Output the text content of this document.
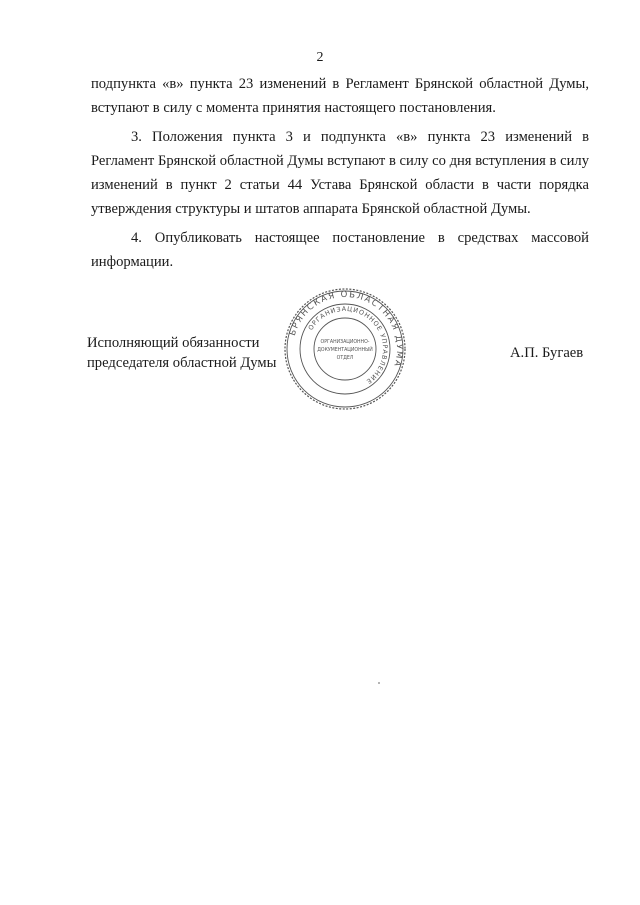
2

подпункта «в» пункта 23 изменений в Регламент Брянской областной Думы, вступают в силу с момента принятия настоящего постановления.

3. Положения пункта 3 и подпункта «в» пункта 23 изменений в Регламент Брянской областной Думы вступают в силу со дня вступления в силу изменений в пункт 2 статьи 44 Устава Брянской области в части порядка утверждения структуры и штатов аппарата Брянской областной Думы.

4. Опубликовать настоящее постановление в средствах массовой информации.

Исполняющий обязанности
председателя областной Думы
БРЯНСКАЯ ОБЛАСТНАЯ ДУМА
ОРГАНИЗАЦИОННОЕ УПРАВЛЕНИЕ
ОРГАНИЗАЦИОННО-
ДОКУМЕНТАЦИОННЫЙ
ОТДЕЛ	А.П. Бугаев
